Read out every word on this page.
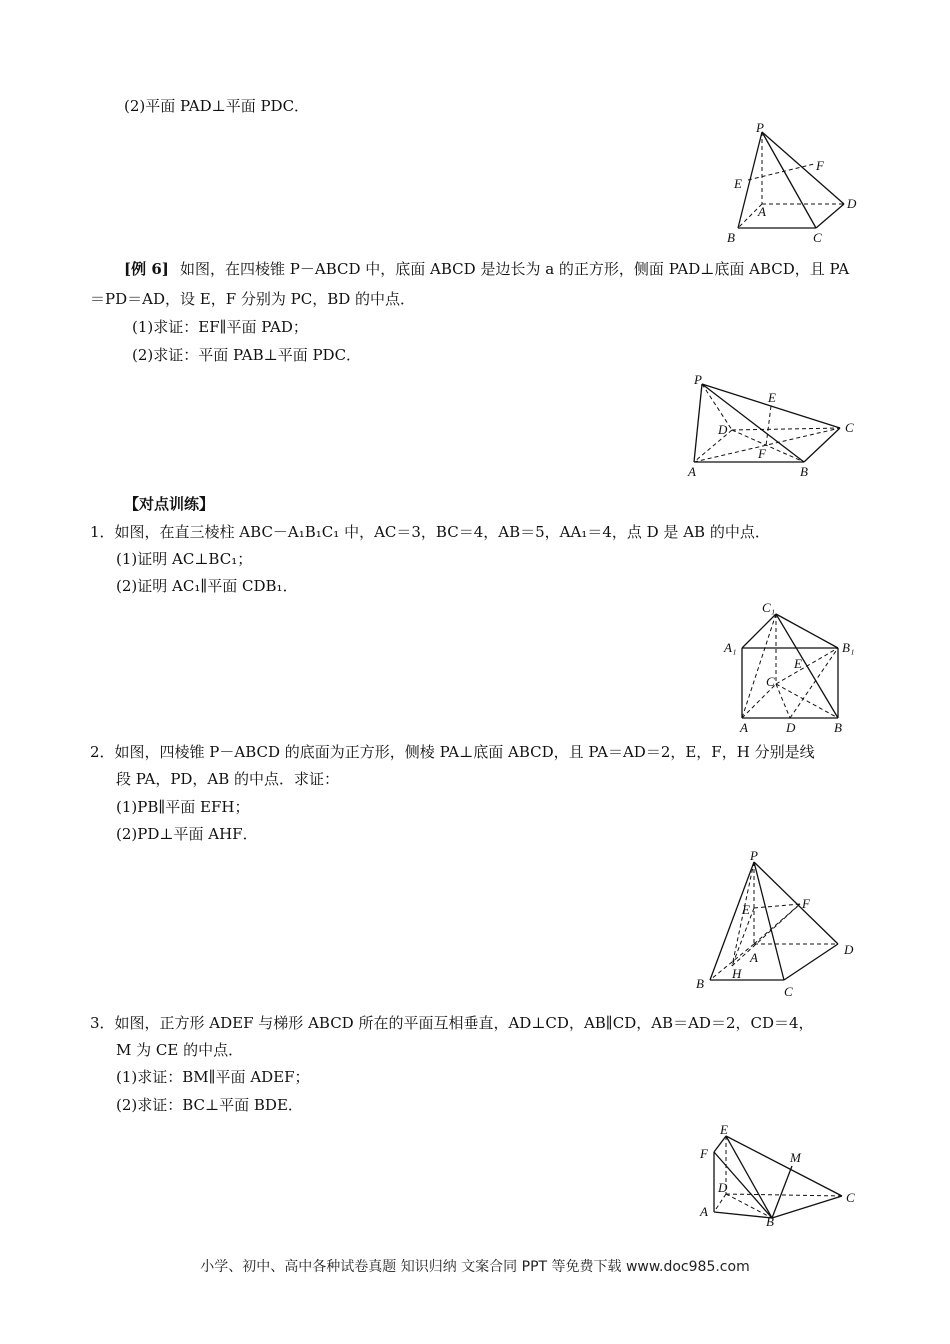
(2)平面 PAD⊥平面 PDC．
[例 6] 如图，在四棱锥 P－ABCD 中，底面 ABCD 是边长为 a 的正方形，侧面 PAD⊥底面 ABCD，且 PA
＝PD＝AD，设 E，F 分别为 PC，BD 的中点．
(1)求证：EF∥平面 PAD；
(2)求证：平面 PAB⊥平面 PDC．
【对点训练】
1．如图，在直三棱柱 ABC－A₁B₁C₁ 中，AC＝3，BC＝4，AB＝5，AA₁＝4，点 D 是 AB 的中点．
(1)证明 AC⊥BC₁；
(2)证明 AC₁∥平面 CDB₁．
2．如图，四棱锥 P－ABCD 的底面为正方形，侧棱 PA⊥底面 ABCD，且 PA＝AD＝2，E，F，H 分别是线
段 PA，PD，AB 的中点．求证：
(1)PB∥平面 EFH；
(2)PD⊥平面 AHF．
3．如图，正方形 ADEF 与梯形 ABCD 所在的平面互相垂直，AD⊥CD，AB∥CD，AB＝AD＝2，CD＝4，
M 为 CE 的中点．
(1)求证：BM∥平面 ADEF；
(2)求证：BC⊥平面 BDE．
P
F
E
A
D
B	C
P
E
D	C
F
A	B
C₁
A₁	B₁
E
C
A	D	B
P
E	F
A
D
H
B
C
E
F	M
D
C
A
B
小学、初中、高中各种试卷真题 知识归纳 文案合同 PPT 等免费下载 www.doc985.com
